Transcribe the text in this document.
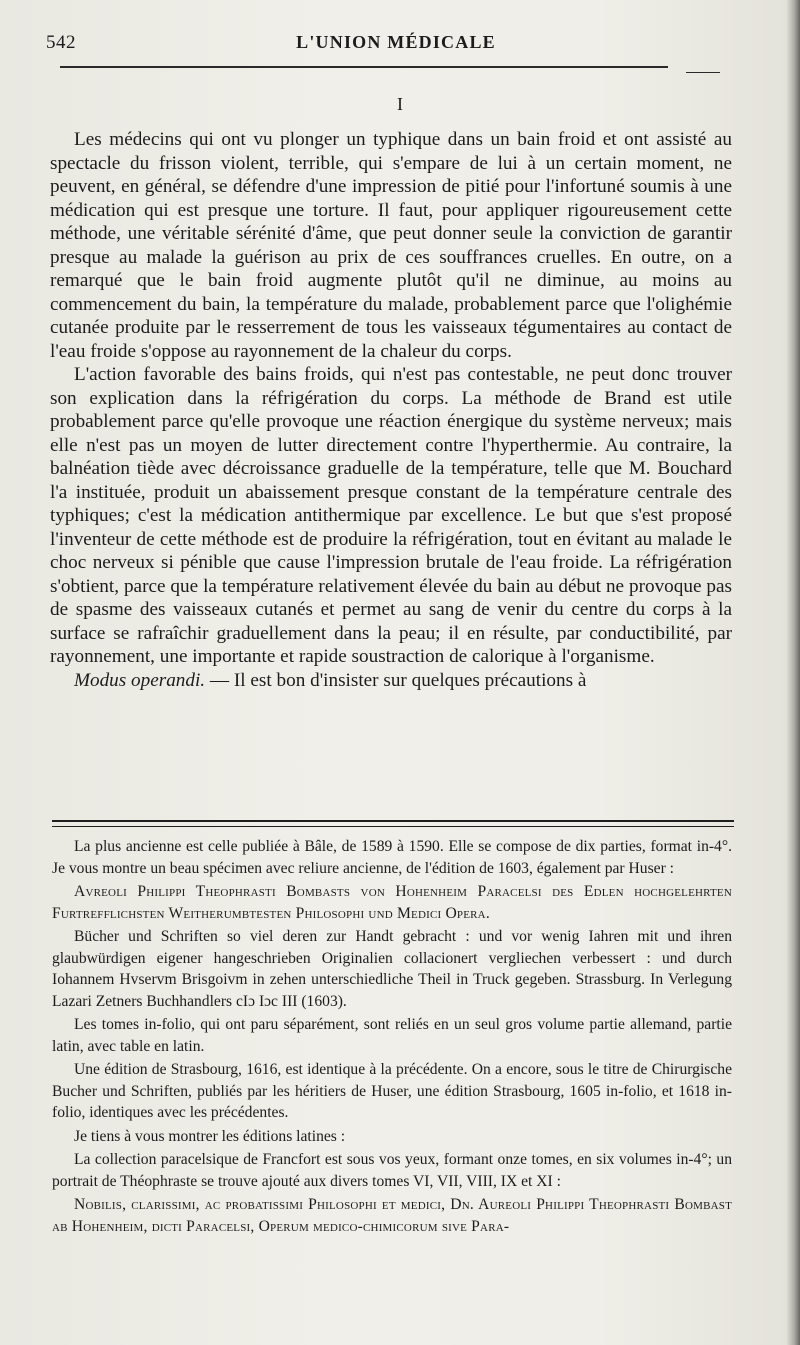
542	L'UNION MÉDICALE
I

Les médecins qui ont vu plonger un typhique dans un bain froid et ont assisté au spectacle du frisson violent, terrible, qui s'empare de lui à un certain moment, ne peuvent, en général, se défendre d'une impression de pitié pour l'infortuné soumis à une médication qui est presque une torture. Il faut, pour appliquer rigoureusement cette méthode, une véritable sérénité d'âme, que peut donner seule la conviction de garantir presque au malade la guérison au prix de ces souffrances cruelles. En outre, on a remarqué que le bain froid augmente plutôt qu'il ne diminue, au moins au commencement du bain, la température du malade, probablement parce que l'olighémie cutanée produite par le resserrement de tous les vaisseaux tégumentaires au contact de l'eau froide s'oppose au rayonnement de la chaleur du corps.

L'action favorable des bains froids, qui n'est pas contestable, ne peut donc trouver son explication dans la réfrigération du corps. La méthode de Brand est utile probablement parce qu'elle provoque une réaction énergique du système nerveux; mais elle n'est pas un moyen de lutter directement contre l'hyperthermie. Au contraire, la balnéation tiède avec décroissance graduelle de la température, telle que M. Bouchard l'a instituée, produit un abaissement presque constant de la température centrale des typhiques; c'est la médication antithermique par excellence. Le but que s'est proposé l'inventeur de cette méthode est de produire la réfrigération, tout en évitant au malade le choc nerveux si pénible que cause l'impression brutale de l'eau froide. La réfrigération s'obtient, parce que la température relativement élevée du bain au début ne provoque pas de spasme des vaisseaux cutanés et permet au sang de venir du centre du corps à la surface se rafraîchir graduellement dans la peau; il en résulte, par conductibilité, par rayonnement, une importante et rapide soustraction de calorique à l'organisme.

Modus operandi. — Il est bon d'insister sur quelques précautions à

La plus ancienne est celle publiée à Bâle, de 1589 à 1590. Elle se compose de dix parties, format in-4°. Je vous montre un beau spécimen avec reliure ancienne, de l'édition de 1603, également par Huser :

Avreoli Philippi Theophrasti Bombasts von Hohenheim Paracelsi des Edlen hochgelehrten Furtrefflichsten Weitherumbtesten Philosophi und Medici Opera.

Bücher und Schriften so viel deren zur Handt gebracht : und vor wenig Iahren mit und ihren glaubwürdigen eigener hangeschrieben Originalien collacionert vergliechen verbessert : und durch Iohannem Hvservm Brisgoivm in zehen unterschiedliche Theil in Truck gegeben. Strassburg. In Verlegung Lazari Zetners Buchhandlers cIɔ Iɔc III (1603).

Les tomes in-folio, qui ont paru séparément, sont reliés en un seul gros volume partie allemand, partie latin, avec table en latin.

Une édition de Strasbourg, 1616, est identique à la précédente. On a encore, sous le titre de Chirurgische Bucher und Schriften, publiés par les héritiers de Huser, une édition Strasbourg, 1605 in-folio, et 1618 in-folio, identiques avec les précédentes.

Je tiens à vous montrer les éditions latines :

La collection paracelsique de Francfort est sous vos yeux, formant onze tomes, en six volumes in-4°; un portrait de Théophraste se trouve ajouté aux divers tomes VI, VII, VIII, IX et XI :

Nobilis, clarissimi, ac probatissimi Philosophi et medici, Dn. Aureoli Philippi Theophrasti Bombast ab Hohenheim, dicti Paracelsi, Operum medico-chimicorum sive Para-
